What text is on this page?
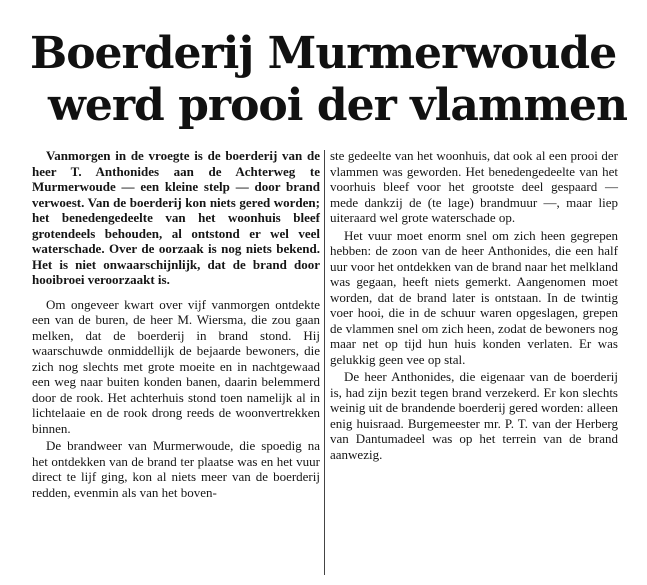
Boerderij Murmerwoude
werd prooi der vlammen

Vanmorgen in de vroegte is de boerderij van de heer T. Anthonides aan de Achterweg te Murmerwoude — een kleine stelp — door brand verwoest. Van de boerderij kon niets gered worden; het benedengedeelte van het woonhuis bleef grotendeels behouden, al ontstond er wel veel waterschade. Over de oorzaak is nog niets bekend. Het is niet onwaarschijnlijk, dat de brand door hooibroei veroorzaakt is.

Om ongeveer kwart over vijf vanmorgen ontdekte een van de buren, de heer M. Wiersma, die zou gaan melken, dat de boerderij in brand stond. Hij waarschuwde onmiddellijk de bejaarde bewoners, die zich nog slechts met grote moeite en in nachtgewaad een weg naar buiten konden banen, daarin belemmerd door de rook. Het achterhuis stond toen namelijk al in lichtelaaie en de rook drong reeds de woonvertrekken binnen.

De brandweer van Murmerwoude, die spoedig na het ontdekken van de brand ter plaatse was en het vuur direct te lijf ging, kon al niets meer van de boerderij redden, evenmin als van het boven-

ste gedeelte van het woonhuis, dat ook al een prooi der vlammen was geworden. Het benedengedeelte van het voorhuis bleef voor het grootste deel gespaard — mede dankzij de (te lage) brandmuur —, maar liep uiteraard wel grote waterschade op.

Het vuur moet enorm snel om zich heen gegrepen hebben: de zoon van de heer Anthonides, die een half uur voor het ontdekken van de brand naar het melkland was gegaan, heeft niets gemerkt. Aangenomen moet worden, dat de brand later is ontstaan. In de twintig voer hooi, die in de schuur waren opgeslagen, grepen de vlammen snel om zich heen, zodat de bewoners nog maar net op tijd hun huis konden verlaten. Er was gelukkig geen vee op stal.

De heer Anthonides, die eigenaar van de boerderij is, had zijn bezit tegen brand verzekerd. Er kon slechts weinig uit de brandende boerderij gered worden: alleen enig huisraad. Burgemeester mr. P. T. van der Herberg van Dantumadeel was op het terrein van de brand aanwezig.
